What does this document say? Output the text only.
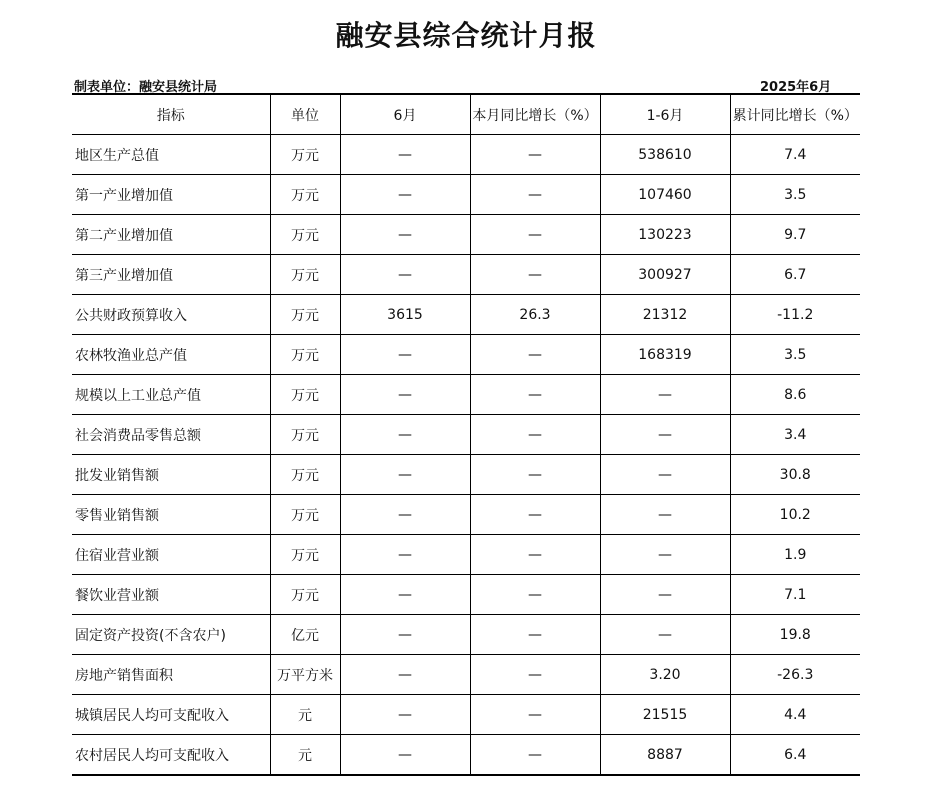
融安县综合统计月报
制表单位：融安县统计局	2025年6月
指标	单位	6月	本月同比增长（%）	1-6月	累计同比增长（%）
地区生产总值	万元	—	—	538610	7.4
第一产业增加值	万元	—	—	107460	3.5
第二产业增加值	万元	—	—	130223	9.7
第三产业增加值	万元	—	—	300927	6.7
公共财政预算收入	万元	3615	26.3	21312	-11.2
农林牧渔业总产值	万元	—	—	168319	3.5
规模以上工业总产值	万元	—	—	—	8.6
社会消费品零售总额	万元	—	—	—	3.4
批发业销售额	万元	—	—	—	30.8
零售业销售额	万元	—	—	—	10.2
住宿业营业额	万元	—	—	—	1.9
餐饮业营业额	万元	—	—	—	7.1
固定资产投资(不含农户)	亿元	—	—	—	19.8
房地产销售面积	万平方米	—	—	3.20	-26.3
城镇居民人均可支配收入	元	—	—	21515	4.4
农村居民人均可支配收入	元	—	—	8887	6.4
